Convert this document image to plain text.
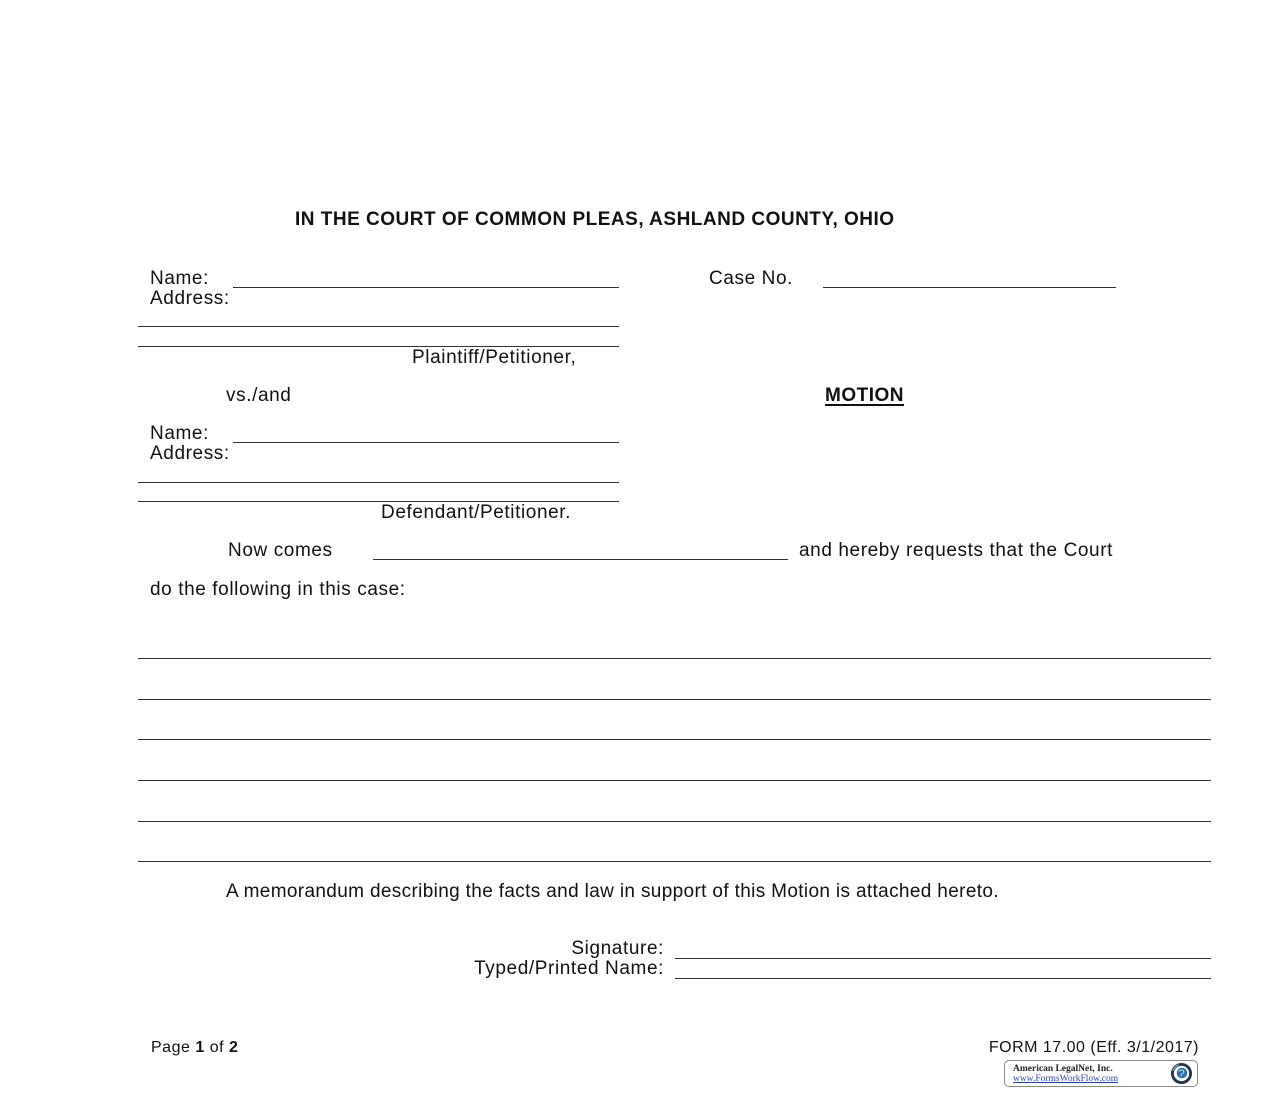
IN THE COURT OF COMMON PLEAS, ASHLAND COUNTY, OHIO
Name:
Address:
Plaintiff/Petitioner,
Case No.
vs./and	MOTION
Name:
Address:
Defendant/Petitioner.
Now comes	and hereby requests that the Court
do the following in this case:
A memorandum describing the facts and law in support of this Motion is attached hereto.
Signature:
Typed/Printed Name:
Page 1 of 2	FORM 17.00 (Eff. 3/1/2017)
American LegalNet, Inc.
www.FormsWorkFlow.com
